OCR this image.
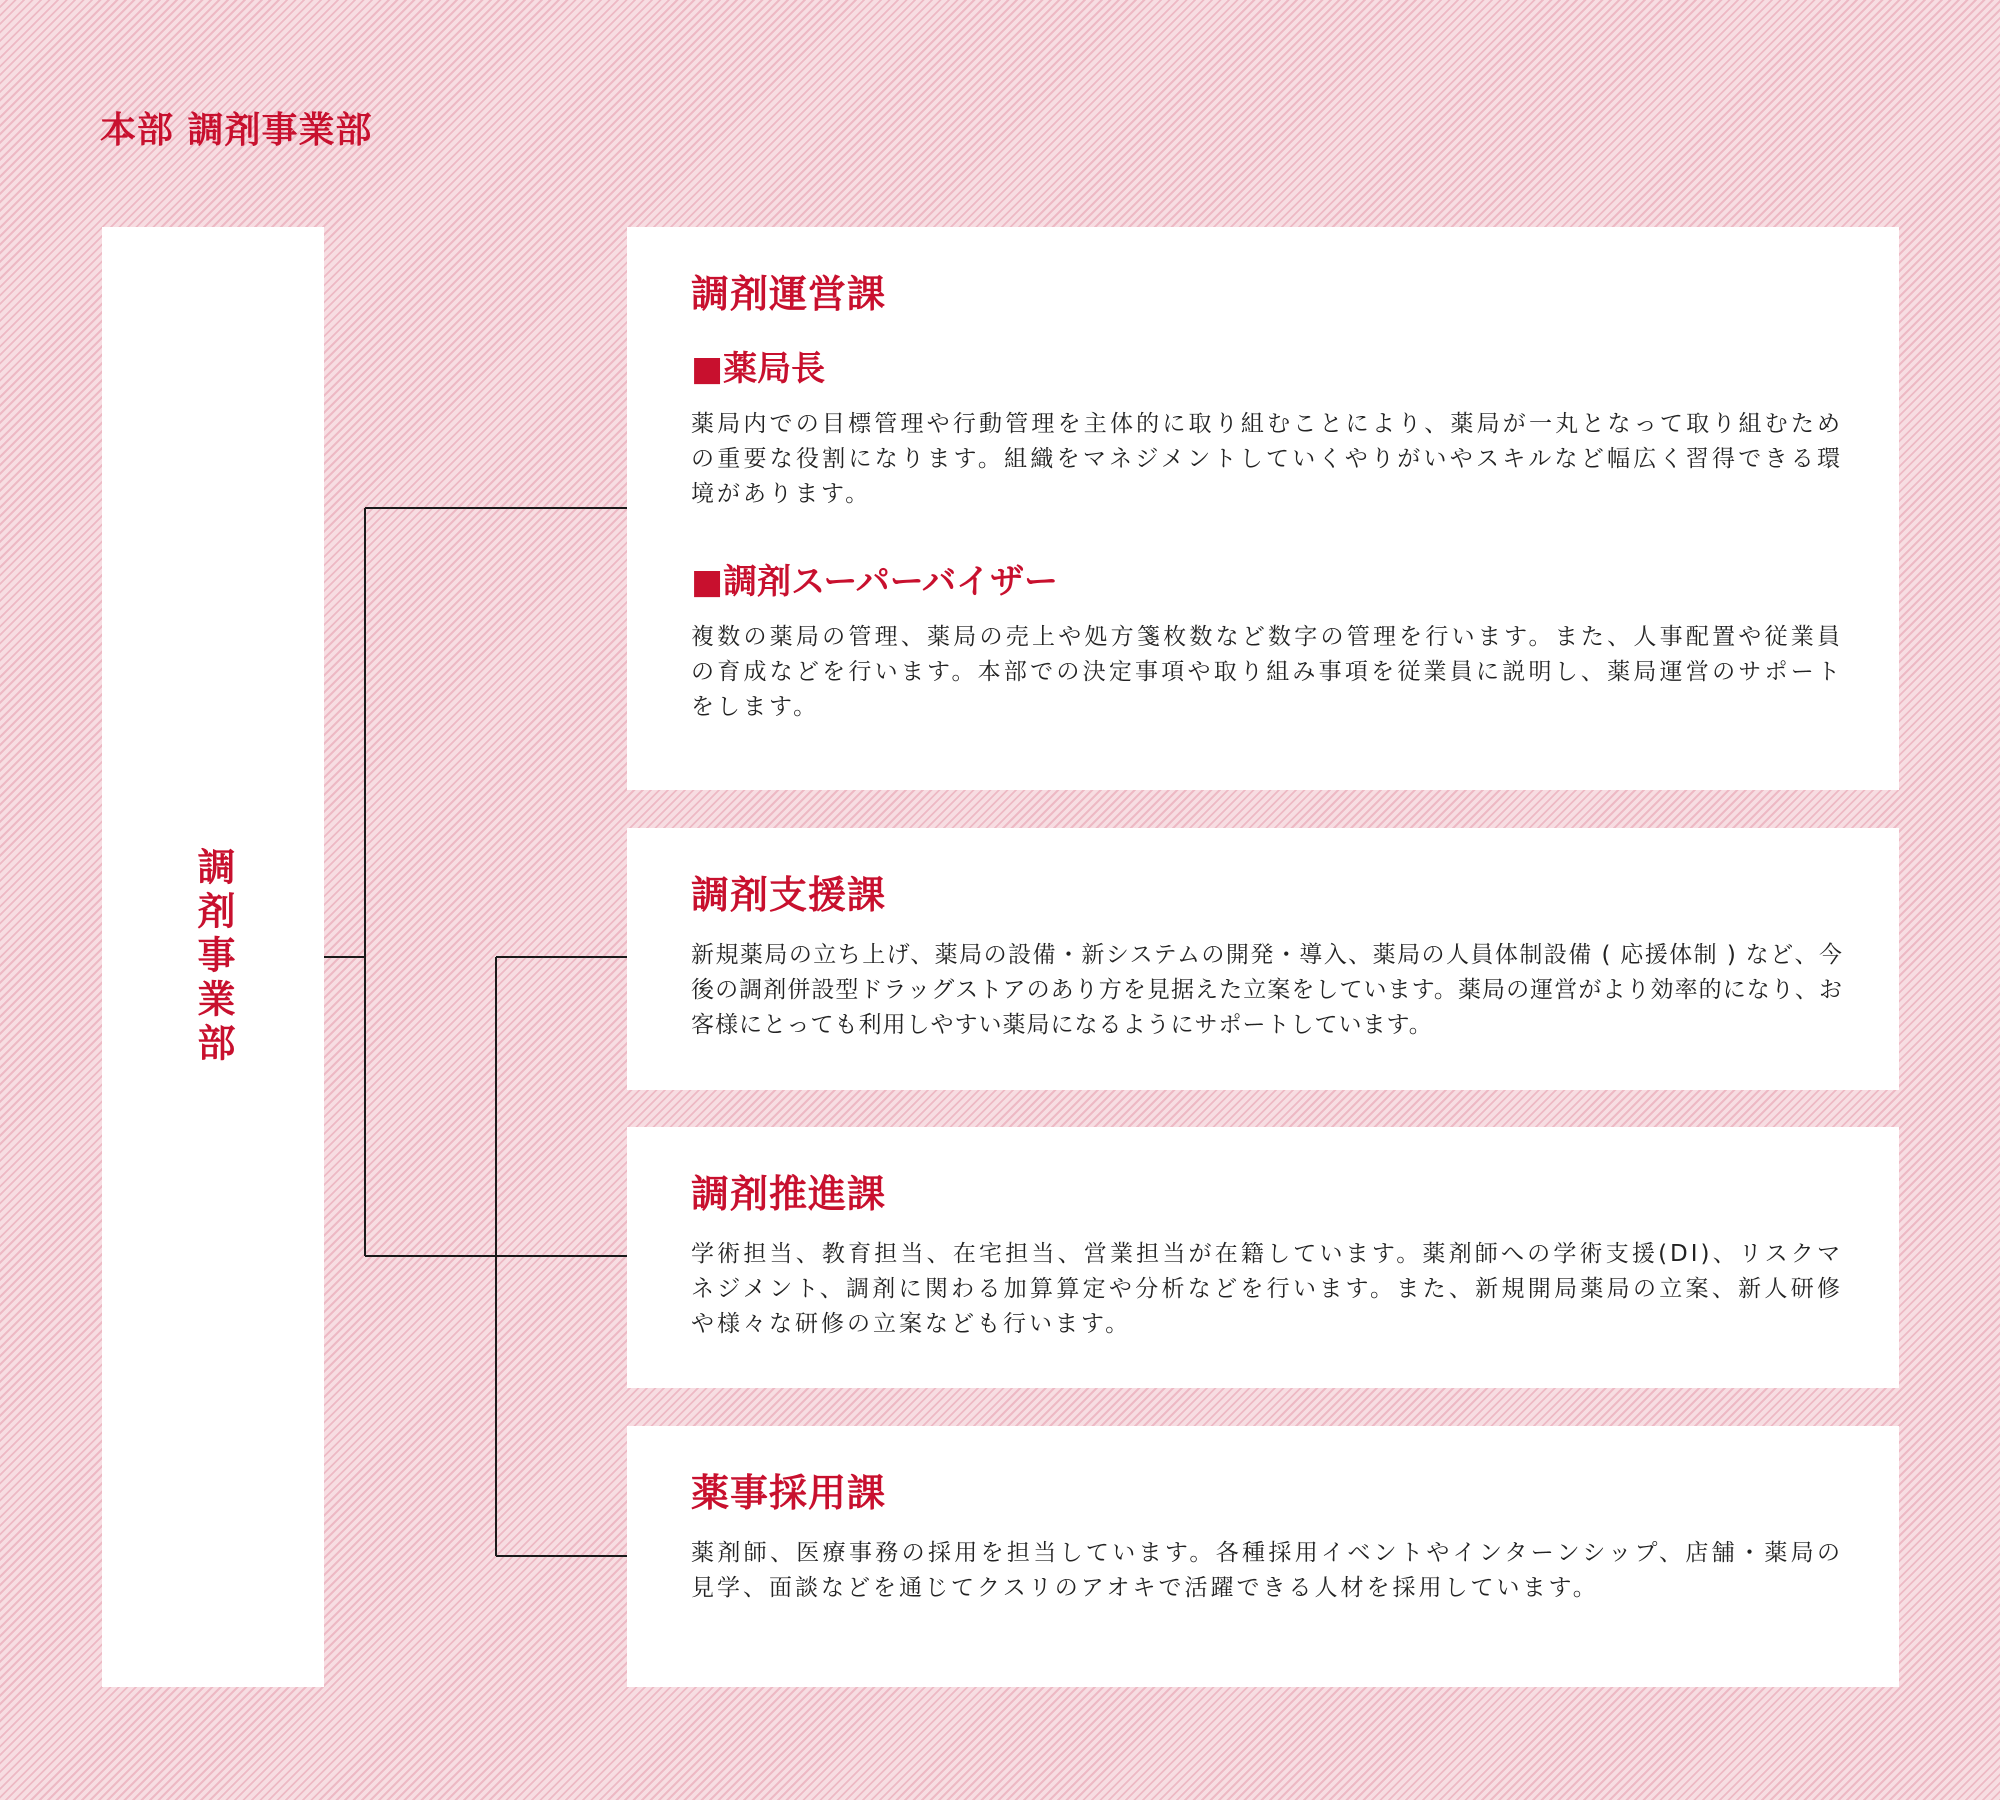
本部 調剤事業部
調剤事業部
調剤運営課
■薬局長

薬局内での目標管理や行動管理を主体的に取り組むことにより、薬局が一丸となって取り組むための重要な役割になります。組織をマネジメントしていくやりがいやスキルなど幅広く習得できる環境があります。

■調剤スーパーバイザー

複数の薬局の管理、薬局の売上や処方箋枚数など数字の管理を行います。また、人事配置や従業員の育成などを行います。本部での決定事項や取り組み事項を従業員に説明し、薬局運営のサポートをします。

調剤支援課

新規薬局の立ち上げ、薬局の設備・新システムの開発・導入、薬局の人員体制設備 ( 応援体制 ) など、今後の調剤併設型ドラッグストアのあり方を見据えた立案をしています。薬局の運営がより効率的になり、お客様にとっても利用しやすい薬局になるようにサポートしています。

調剤推進課

学術担当、教育担当、在宅担当、営業担当が在籍しています。薬剤師への学術支援(DI)、リスクマネジメント、調剤に関わる加算算定や分析などを行います。また、新規開局薬局の立案、新人研修や様々な研修の立案なども行います。

薬事採用課

薬剤師、医療事務の採用を担当しています。各種採用イベントやインターンシップ、店舗・薬局の見学、面談などを通じてクスリのアオキで活躍できる人材を採用しています。
